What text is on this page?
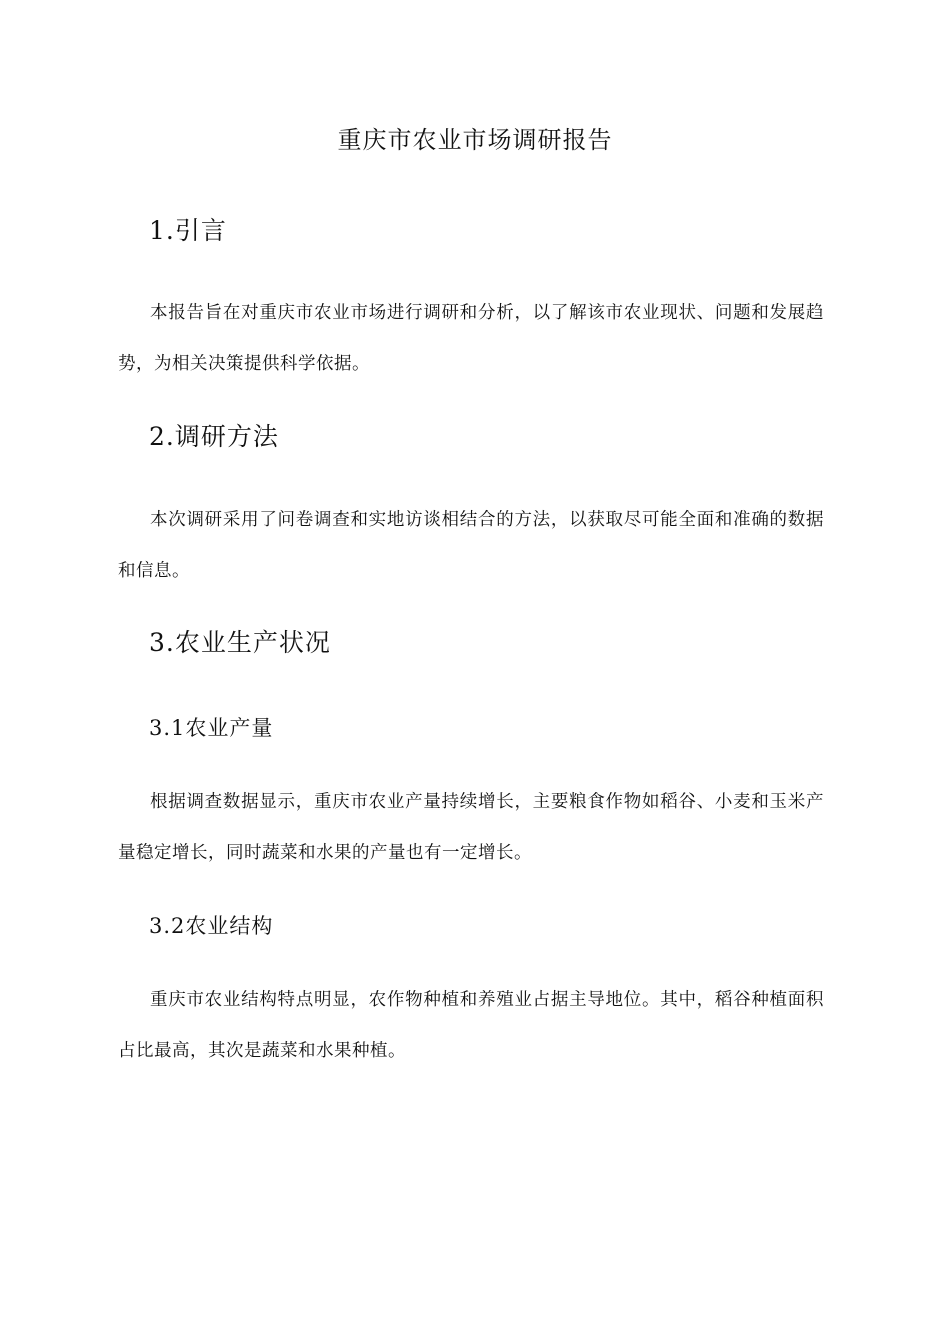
重庆市农业市场调研报告
1.引言
本报告旨在对重庆市农业市场进行调研和分析，以了解该市农业现状、问题和发展趋势，为相关决策提供科学依据。
2.调研方法
本次调研采用了问卷调查和实地访谈相结合的方法，以获取尽可能全面和准确的数据和信息。
3.农业生产状况
3.1农业产量
根据调查数据显示，重庆市农业产量持续增长，主要粮食作物如稻谷、小麦和玉米产量稳定增长，同时蔬菜和水果的产量也有一定增长。
3.2农业结构
重庆市农业结构特点明显，农作物种植和养殖业占据主导地位。其中，稻谷种植面积占比最高，其次是蔬菜和水果种植。
